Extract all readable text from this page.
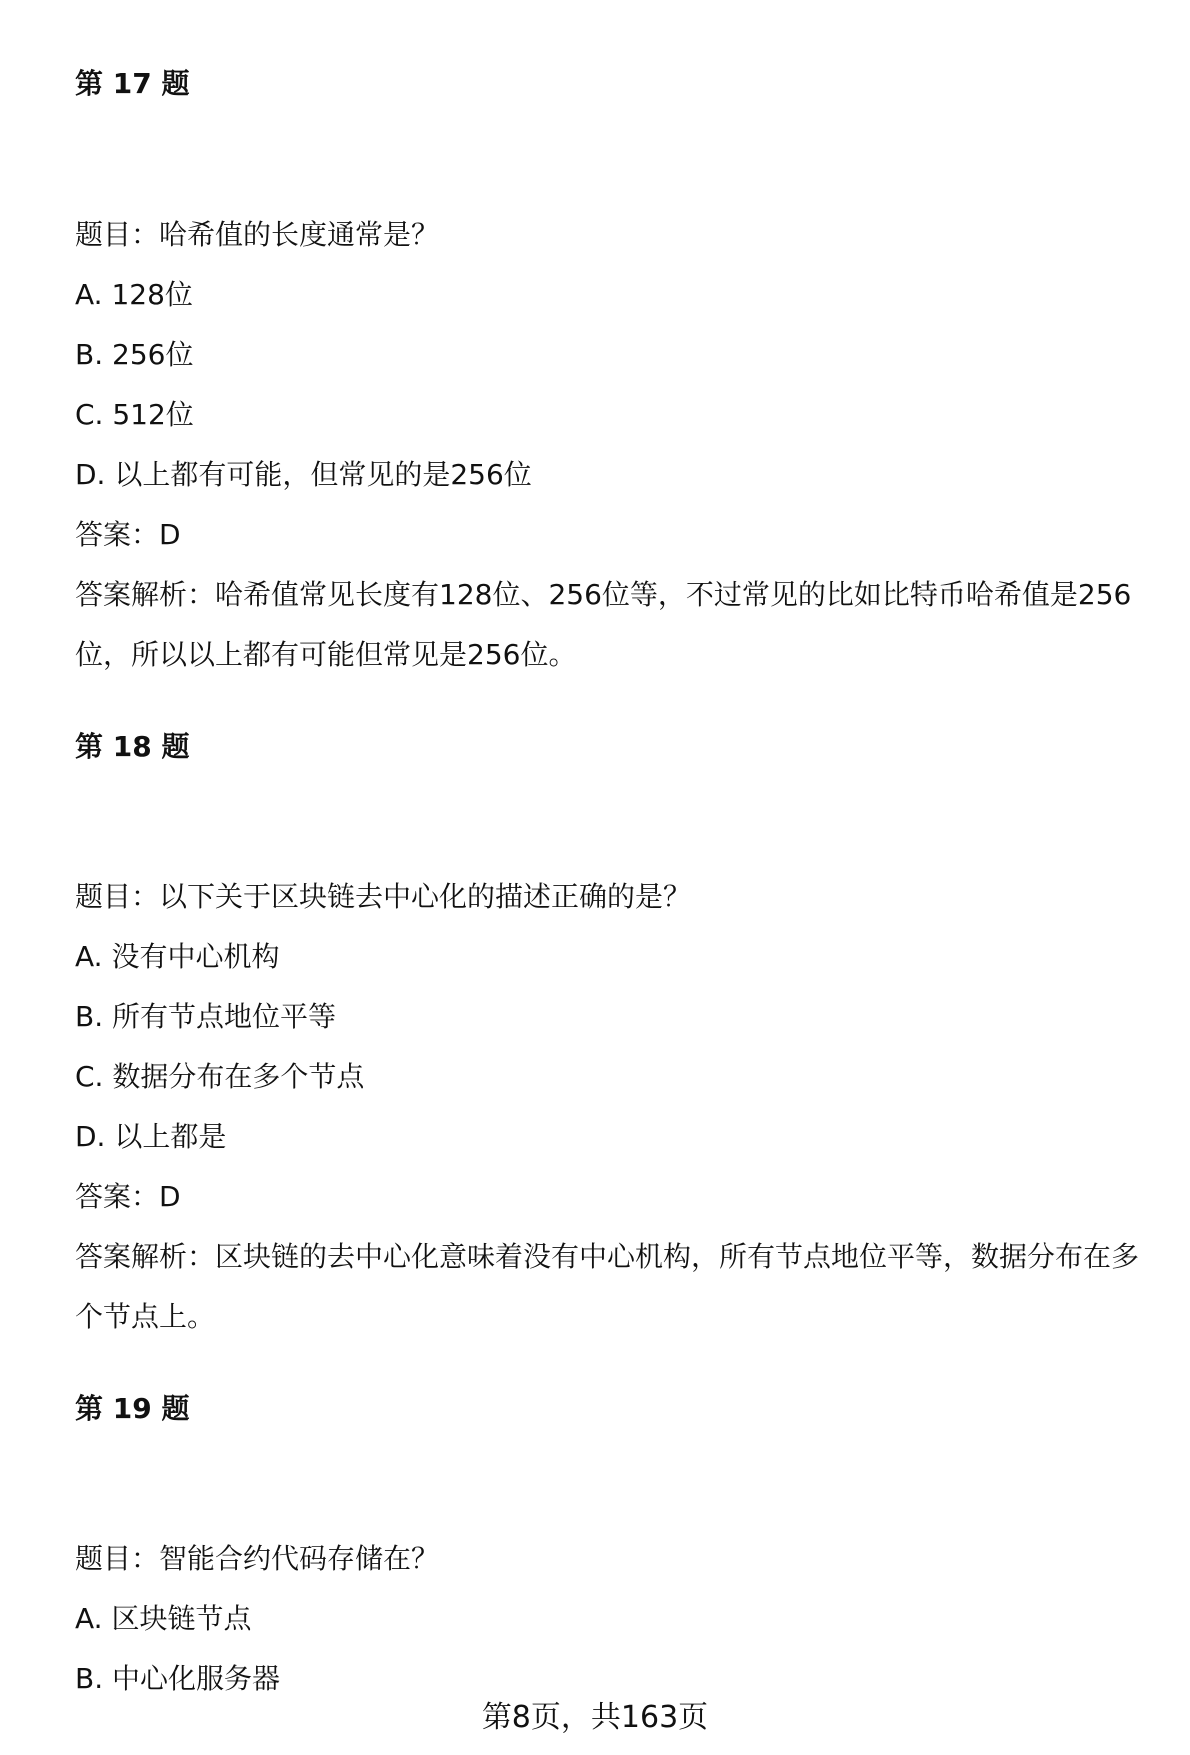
第 17 题

题目：哈希值的长度通常是？

A. 128位

B. 256位

C. 512位

D. 以上都有可能，但常见的是256位

答案：D

答案解析：哈希值常见长度有128位、256位等，不过常见的比如比特币哈希值是256位，所以以上都有可能但常见是256位。

第 18 题

题目：以下关于区块链去中心化的描述正确的是？

A. 没有中心机构

B. 所有节点地位平等

C. 数据分布在多个节点

D. 以上都是

答案：D

答案解析：区块链的去中心化意味着没有中心机构，所有节点地位平等，数据分布在多个节点上。

第 19 题

题目：智能合约代码存储在？

A. 区块链节点

B. 中心化服务器

第8页，共163页
